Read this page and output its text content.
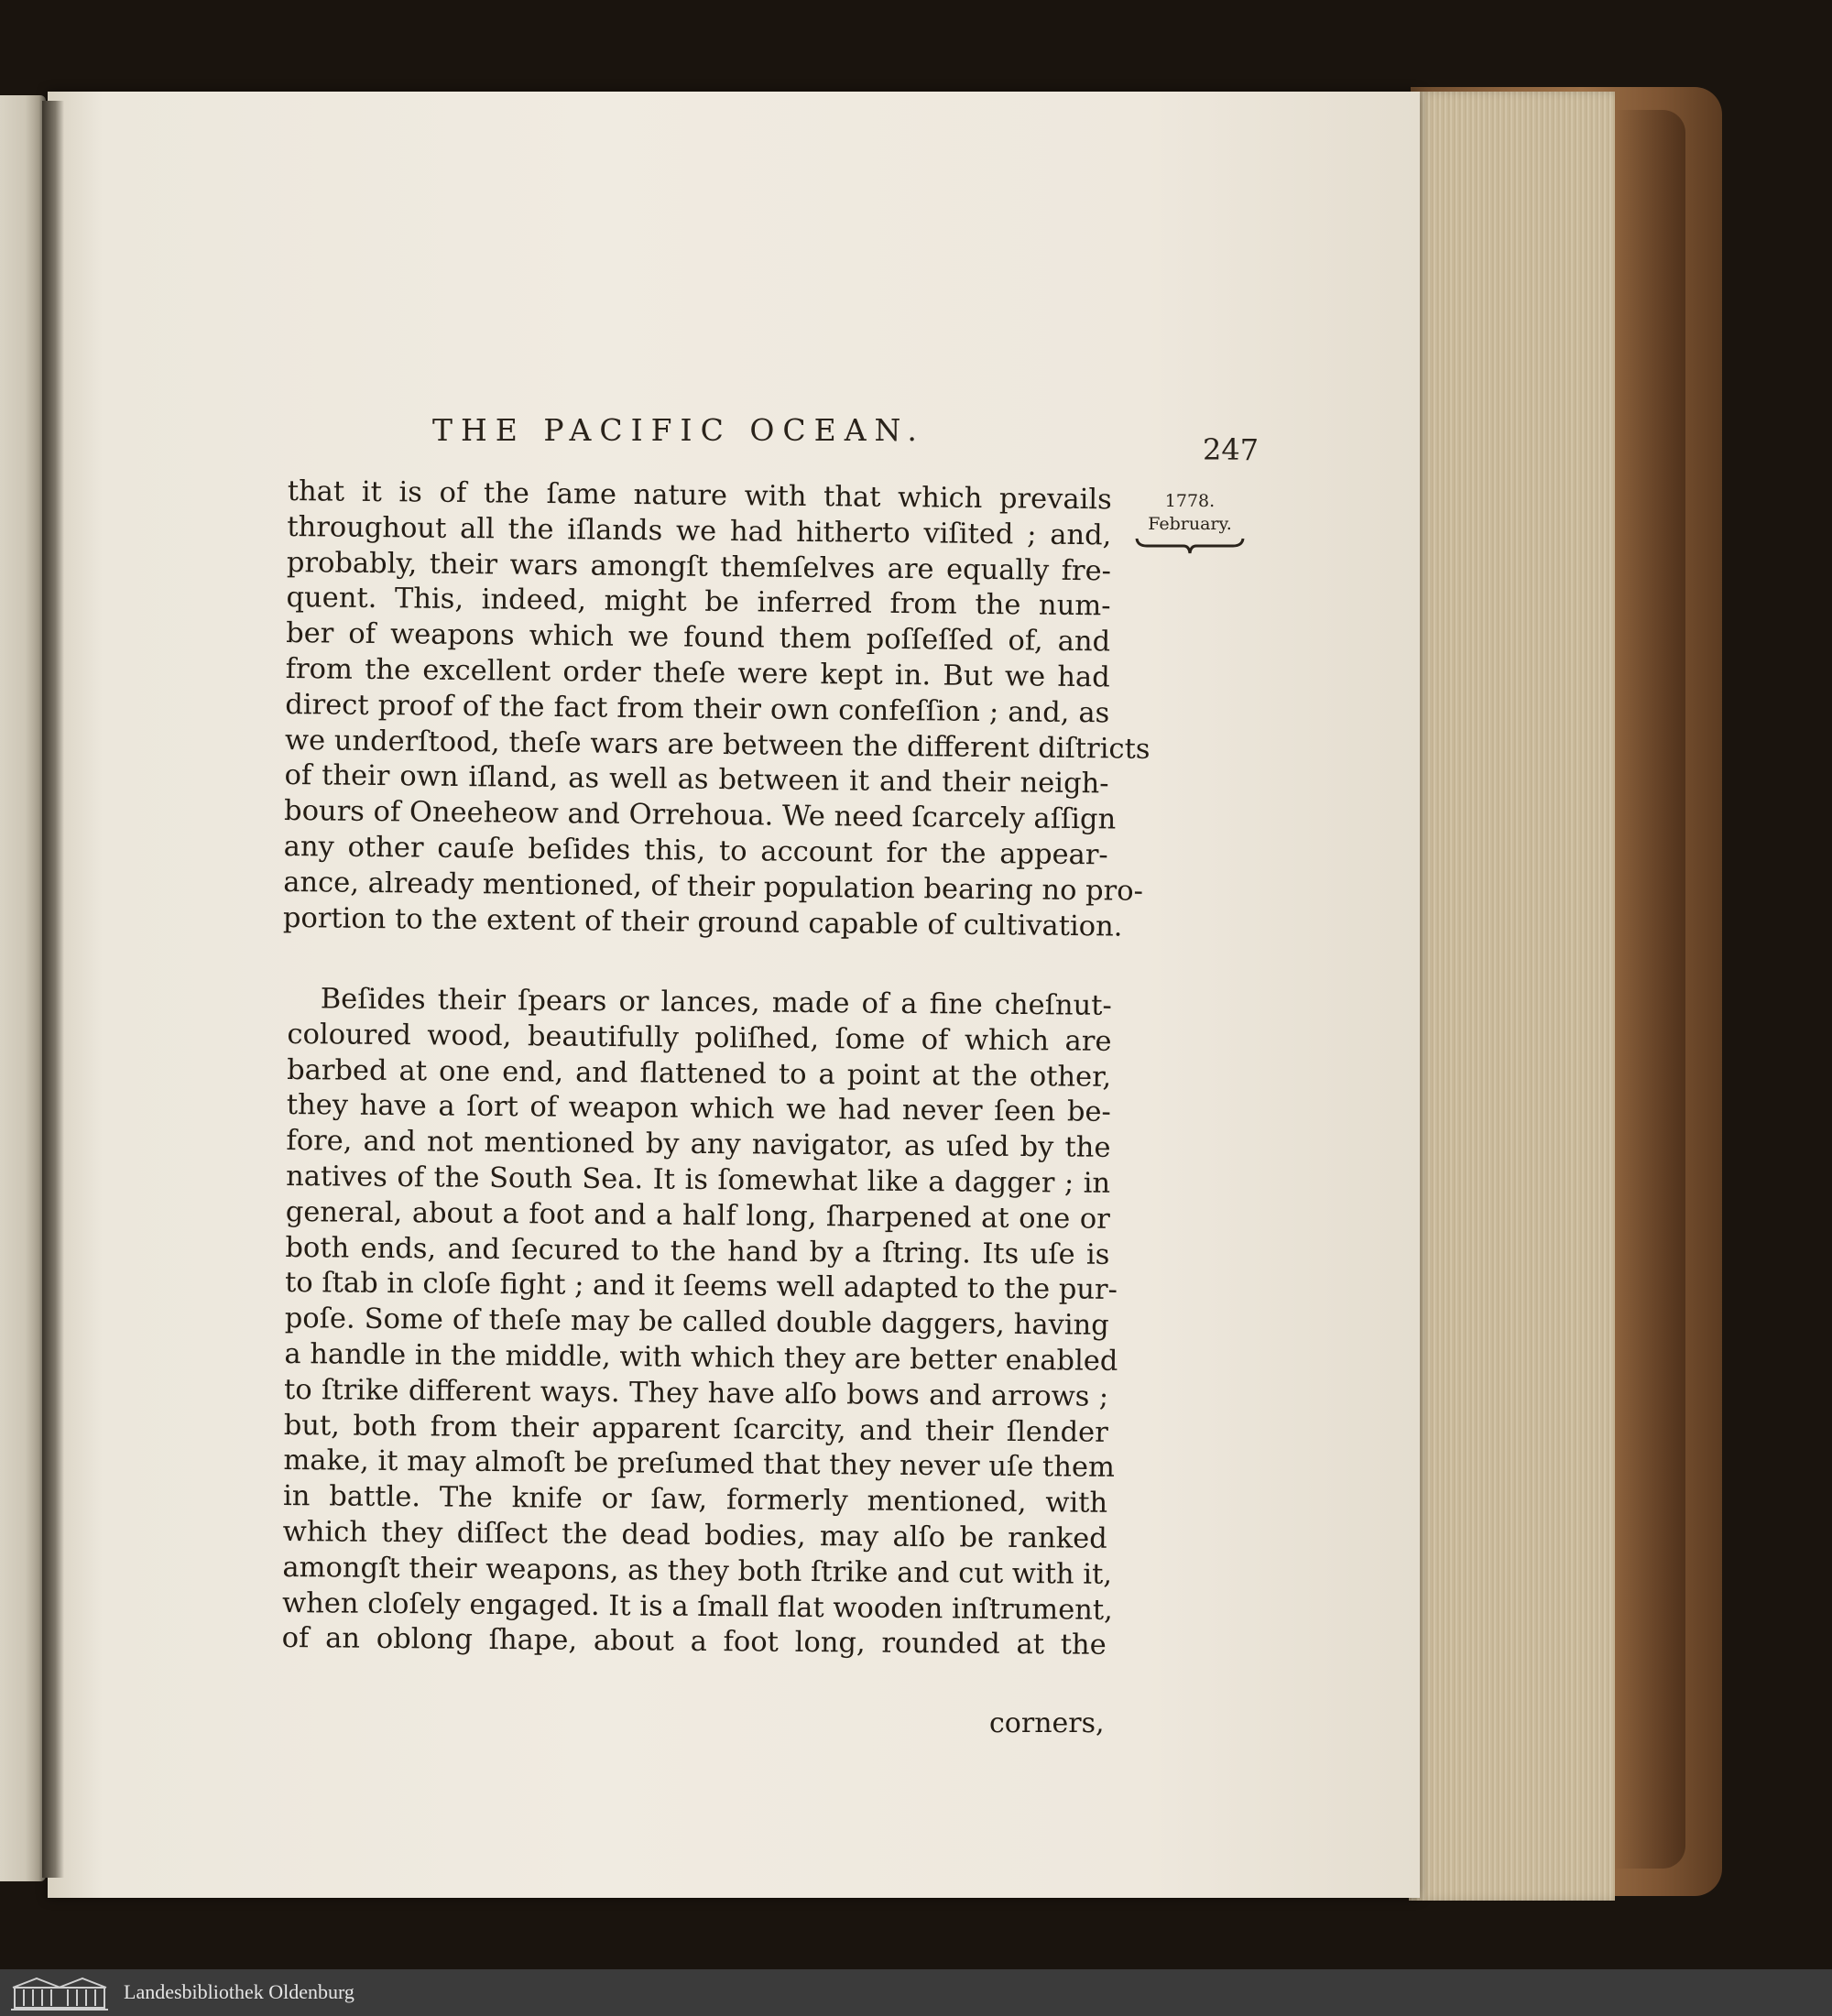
THE PACIFIC OCEAN.
247
1778.
February.
that it is of the ſame nature with that which prevails
throughout all the iſlands we had hitherto viſited ; and,
probably, their wars amongſt themſelves are equally fre-
quent. This, indeed, might be inferred from the num-
ber of weapons which we found them poſſeſſed of, and
from the excellent order theſe were kept in. But we had
direct proof of the fact from their own confeſſion ; and, as
we underſtood, theſe wars are between the different diſtricts
of their own iſland, as well as between it and their neigh-
bours of Oneeheow and Orrehoua. We need ſcarcely aſſign
any other cauſe beſides this, to account for the appear-
ance, already mentioned, of their population bearing no pro-
portion to the extent of their ground capable of cultivation.
Beſides their ſpears or lances, made of a fine cheſnut-
coloured wood, beautifully poliſhed, ſome of which are
barbed at one end, and flattened to a point at the other,
they have a ſort of weapon which we had never ſeen be-
fore, and not mentioned by any navigator, as uſed by the
natives of the South Sea. It is ſomewhat like a dagger ; in
general, about a foot and a half long, ſharpened at one or
both ends, and ſecured to the hand by a ſtring. Its uſe is
to ſtab in cloſe fight ; and it ſeems well adapted to the pur-
poſe. Some of theſe may be called double daggers, having
a handle in the middle, with which they are better enabled
to ſtrike different ways. They have alſo bows and arrows ;
but, both from their apparent ſcarcity, and their ſlender
make, it may almoſt be preſumed that they never uſe them
in battle. The knife or ſaw, formerly mentioned, with
which they diſſect the dead bodies, may alſo be ranked
amongſt their weapons, as they both ſtrike and cut with it,
when cloſely engaged. It is a ſmall flat wooden inſtrument,
of an oblong ſhape, about a foot long, rounded at the
corners,
Landesbibliothek Oldenburg
